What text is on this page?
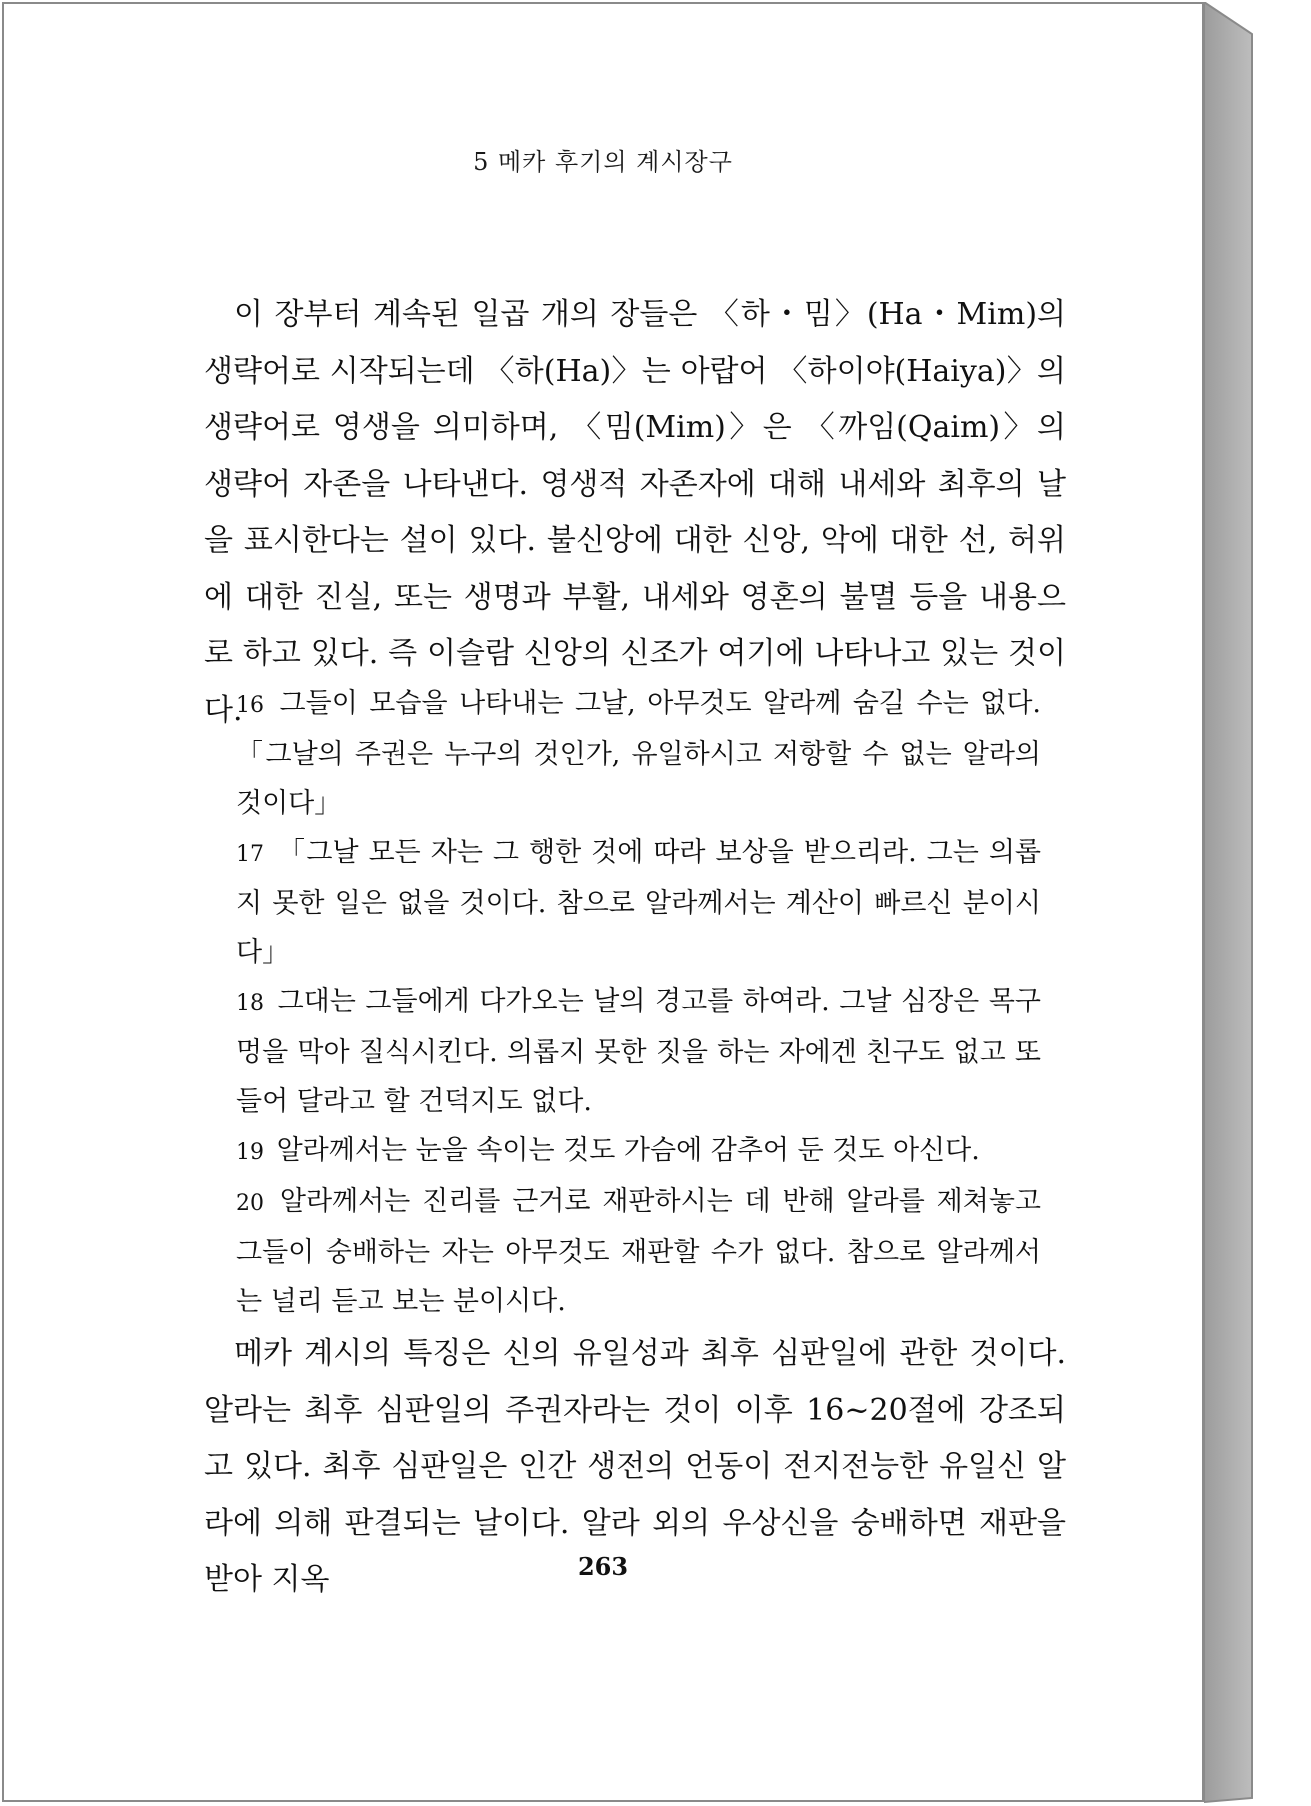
5 메카 후기의 계시장구

이 장부터 계속된 일곱 개의 장들은 〈하・밈〉(Ha・Mim)의 생략어로 시작되는데 〈하(Ha)〉는 아랍어 〈하이야(Haiya)〉의 생략어로 영생을 의미하며, 〈밈(Mim)〉은 〈까임(Qaim)〉의 생략어 자존을 나타낸다. 영생적 자존자에 대해 내세와 최후의 날을 표시한다는 설이 있다. 불신앙에 대한 신앙, 악에 대한 선, 허위에 대한 진실, 또는 생명과 부활, 내세와 영혼의 불멸 등을 내용으로 하고 있다. 즉 이슬람 신앙의 신조가 여기에 나타나고 있는 것이다.

16 그들이 모습을 나타내는 그날, 아무것도 알라께 숨길 수는 없다. 「그날의 주권은 누구의 것인가, 유일하시고 저항할 수 없는 알라의 것이다」

17 「그날 모든 자는 그 행한 것에 따라 보상을 받으리라. 그는 의롭지 못한 일은 없을 것이다. 참으로 알라께서는 계산이 빠르신 분이시다」

18 그대는 그들에게 다가오는 날의 경고를 하여라. 그날 심장은 목구멍을 막아 질식시킨다. 의롭지 못한 짓을 하는 자에겐 친구도 없고 또 들어 달라고 할 건덕지도 없다.

19 알라께서는 눈을 속이는 것도 가슴에 감추어 둔 것도 아신다.

20 알라께서는 진리를 근거로 재판하시는 데 반해 알라를 제쳐놓고 그들이 숭배하는 자는 아무것도 재판할 수가 없다. 참으로 알라께서는 널리 듣고 보는 분이시다.

메카 계시의 특징은 신의 유일성과 최후 심판일에 관한 것이다. 알라는 최후 심판일의 주권자라는 것이 이후 16~20절에 강조되고 있다. 최후 심판일은 인간 생전의 언동이 전지전능한 유일신 알라에 의해 판결되는 날이다. 알라 외의 우상신을 숭배하면 재판을 받아 지옥	263
